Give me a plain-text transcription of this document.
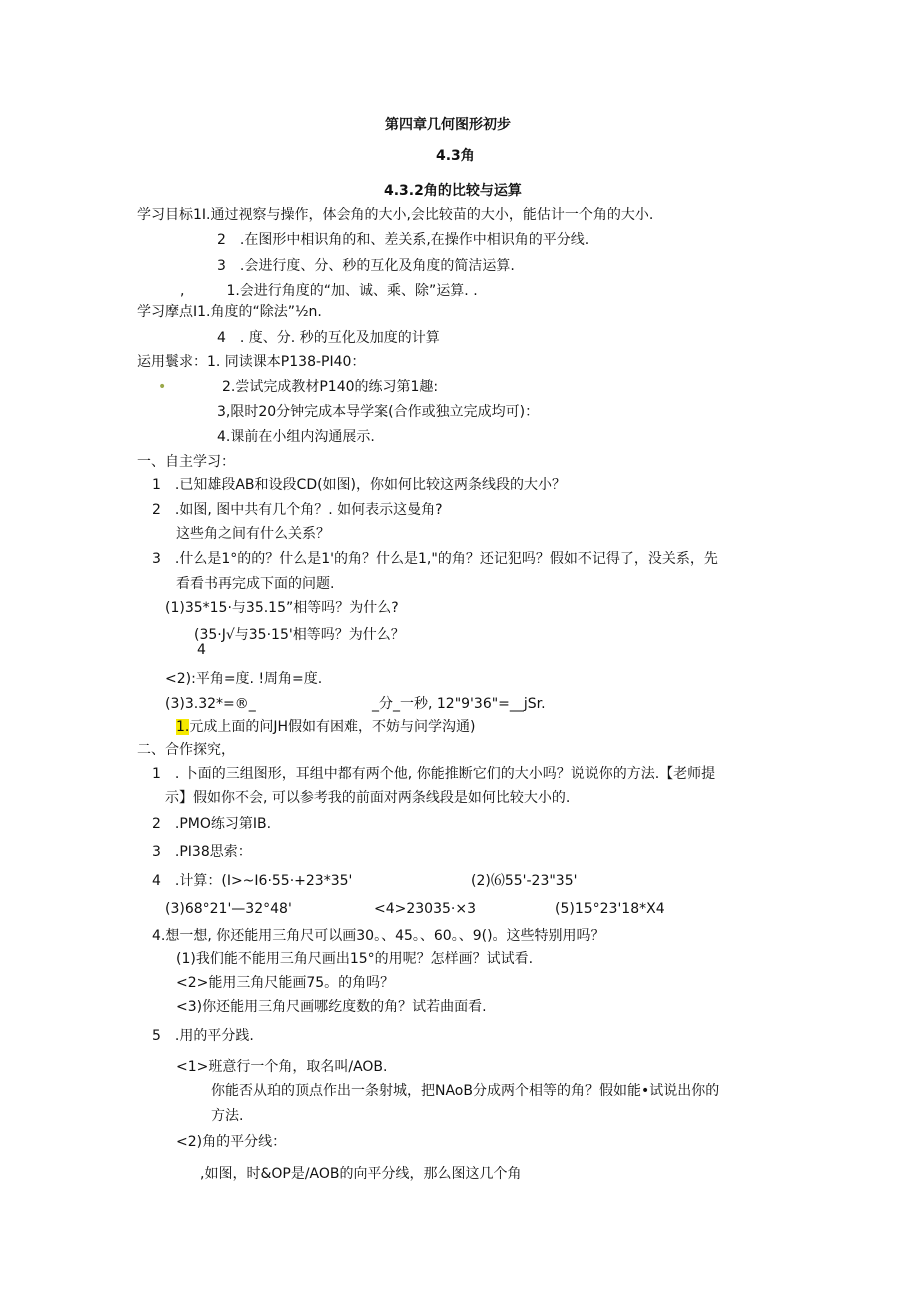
第四章几何图形初步
4.3角
4.3.2角的比较与运算
学习目标1I.通过视察与操作，体会角的大小,会比较苗的大小，能估计一个角的大小.
2　.在图形中相识角的和、差关系,在操作中相识角的平分线.
3　.会进行度、分、秒的互化及角度的简洁运算.
,　　　1.会进行角度的“加、诚、乘、除”运算. .
学习摩点I1.角度的“除法”½n.
4　. 度、分. 秒的互化及加度的计算
运用鬟求：1. 同读课本P138-PI40：
•	2.尝试完成教材P140的练习第1趣:
3,限时20分钟完成本导学案(合作或独立完成均可)：
4.课前在小组内沟通展示.
一、自主学习：
1　.已知雄段AB和设段CD(如图)，你如何比较这两条线段的大小？
2　.如图, 图中共有几个角？. 如何表示这曼角?
这些角之间有什么关系？
3　.什么是1°的的？什么是1'的角？什么是1,"的角？还记犯吗？假如不记得了，没关系，先
看看书再完成下面的问题.
(1)35*15·与35.15”相等吗？为什么?
(35·J√与35·15'相等吗？为什么？
4
<2):平角=度. !周角=度.
(3)3.32*=®_	_分_一秒, 12"9'36"=__jSr.
1.元成上面的问JH假如有困难，不妨与问学沟通)
二、合作探究，
1　. 卜面的三组图形，耳组中都有两个他, 你能推断它们的大小吗？说说你的方法.【老师提
示】假如你不会, 可以参考我的前面对两条线段是如何比较大小的.
2　.PMO练习第IB.
3　.PI38思索：
4　.计算：(I>~I6·55·+23*35'	(2)⑹55'-23"35'
(3)68°21'—32°48'	<4>23035·×3	(5)15°23'18*X4
4.想一想, 你还能用三角尺可以画30。、45。、60。、9()。这些特别用吗？
(1)我们能不能用三角尺画出15°的用呢？怎样画？试试看.
<2>能用三角尺能画75。的角吗？
<3)你还能用三角尺画哪纥度数的角？试若曲面看.
5　.用的平分践.
<1>班意行一个角，取名叫/AOB.
你能否从珀的顶点作出一条射城，把NAoB分成两个相等的角？假如能•试说出你的
方法.
<2)角的平分线：
,如图，时&OP是/AOB的向平分线，那么图这几个角
